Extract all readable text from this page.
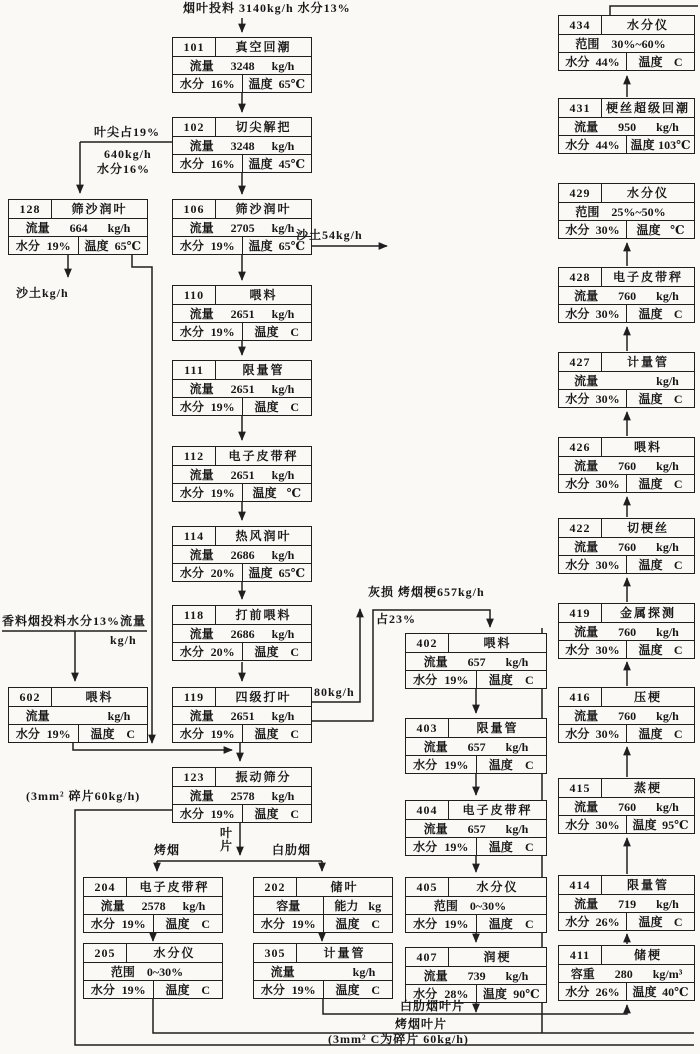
101	真空回潮
流量	3248	kg/h
水分 16% 温度 65℃
102	切尖解把
流量	3248	kg/h
水分 16% 温度 45℃
106	筛沙润叶
流量	2705	kg/h
水分 19% 温度 65℃
128	筛沙润叶
流量	664	kg/h
水分 19% 温度 65℃
110	喂料
流量	2651	kg/h
水分 19% 温度 C
111	限量管
流量	2651	kg/h
水分 19% 温度 C
112	电子皮带秤
流量	2651	kg/h
水分 19% 温度 ℃
114	热风润叶
流量	2686	kg/h
水分 20% 温度 65℃
118	打前喂料
流量	2686	kg/h
水分 20% 温度 C
602	喂料
流量	kg/h
水分 19% 温度 C
119	四级打叶
流量	2651	kg/h
水分 19% 温度 C
123	振动筛分
流量	2578	kg/h
水分 19% 温度 C
204	电子皮带秤
流量	2578	kg/h
水分 19% 温度 C
202	储叶
容量	能力 kg
水分 19% 温度 C
205	水分仪
范围 0~30%
水分 19% 温度 C
305	计量管
流量	kg/h
水分 19% 温度 C
402	喂料
流量	657	kg/h
水分 19% 温度 C
403	限量管
流量	657	kg/h
水分 19% 温度 C
404	电子皮带秤
流量	657	kg/h
水分 19% 温度 C
405	水分仪
范围 0~30%
水分 19% 温度 C
407	润梗
流量	739	kg/h
水分 28% 温度 90℃
434	水分仪
范围 30%~60%
水分 44% 温度 C
431	梗丝超级回潮
流量	950	kg/h
水分 44% 温度 103℃
429	水分仪
范围 25%~50%
水分 30% 温度 ℃
428	电子皮带秤
流量	760	kg/h
水分 30% 温度 C
427	计量管
流量	kg/h
水分 30% 温度 C
426	喂料
流量	760	kg/h
水分 30% 温度 C
422	切梗丝
流量	760	kg/h
水分 30% 温度 C
419	金属探测
流量	760	kg/h
水分 30% 温度 C
416	压梗
流量	760	kg/h
水分 30% 温度 C
415	蒸梗
流量	760	kg/h
水分 30% 温度 95℃
414	限量管
流量	719	kg/h
水分 26% 温度 C
411	储梗
容重	280	kg/m³
水分 26% 温度 40℃
烟叶投料 3140kg/h 水分13%
叶尖占19%
640kg/h
水分16%
沙土kg/h
沙土54kg/h
灰损 烤烟梗657kg/h
占23%
80kg/h
香料烟投料水分13%流量
kg/h
(3mm² 碎片60kg/h)
叶片
烤烟	白肋烟
白肋烟叶片
烤烟叶片
(3mm² C为碎片 60kg/h)
